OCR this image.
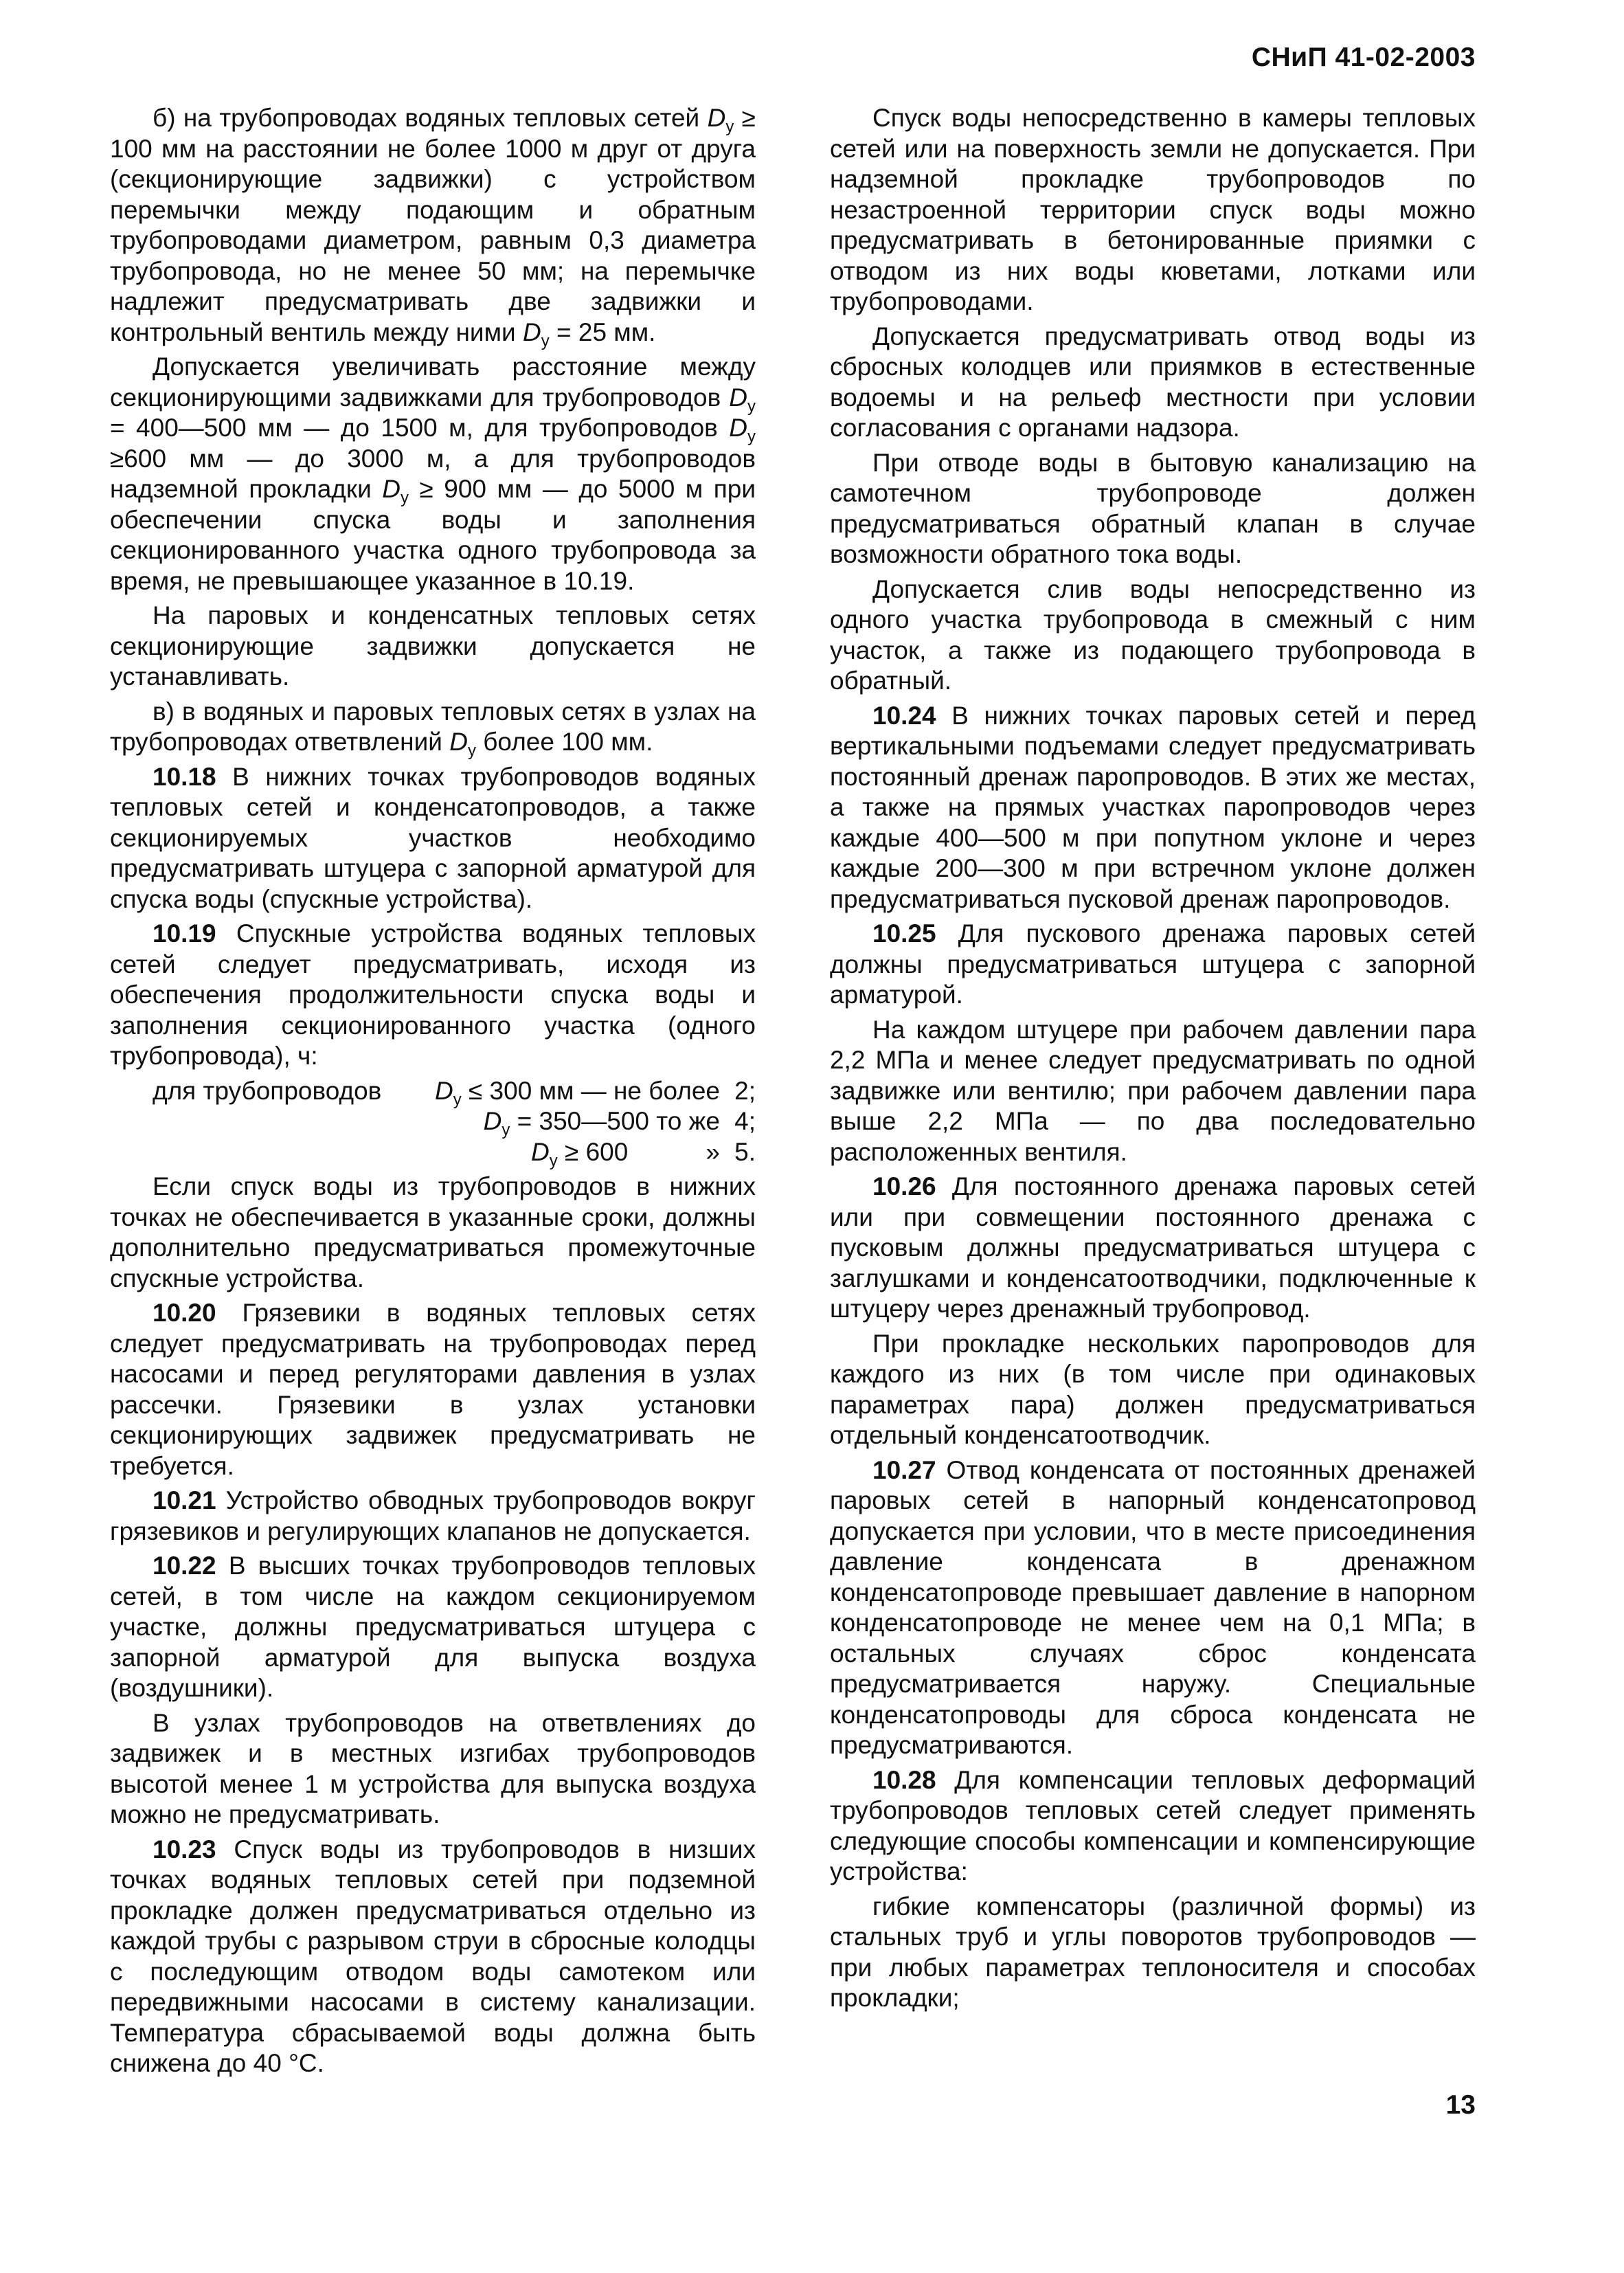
СНиП 41-02-2003

б) на трубопроводах водяных тепловых сетей $D_у \ge 100$ мм на расстоянии не более 1000 м друг от друга (секционирующие задвижки) с устройством перемычки между подающим и обратным трубопроводами диаметром, равным 0,3 диаметра трубопровода, но не менее 50 мм; на перемычке надлежит предусматривать две задвижки и контрольный вентиль между ними $D_у = 25$ мм.

Допускается увеличивать расстояние между секционирующими задвижками для трубопроводов $D_у$ = 400—500 мм — до 1500 м, для трубопроводов $D_у \ge 600$ мм — до 3000 м, а для трубопроводов надземной прокладки $D_у \ge 900$ мм — до 5000 м при обеспечении спуска воды и заполнения секционированного участка одного трубопровода за время, не превышающее указанное в 10.19.

На паровых и конденсатных тепловых сетях секционирующие задвижки допускается не устанавливать.

в) в водяных и паровых тепловых сетях в узлах на трубопроводах ответвлений $D_у$ более 100 мм.

10.18 В нижних точках трубопроводов водяных тепловых сетей и конденсатопроводов, а также секционируемых участков необходимо предусматривать штуцера с запорной арматурой для спуска воды (спускные устройства).

10.19 Спускные устройства водяных тепловых сетей следует предусматривать, исходя из обеспечения продолжительности спуска воды и заполнения секционированного участка (одного трубопровода), ч:

для трубопроводов	$D_у \le 300$ мм — не более 2;
$D_у$ = 350—500 то же 4;
$D_у \ge 600$           » 5.

Если спуск воды из трубопроводов в нижних точках не обеспечивается в указанные сроки, должны дополнительно предусматриваться промежуточные спускные устройства.

10.20 Грязевики в водяных тепловых сетях следует предусматривать на трубопроводах перед насосами и перед регуляторами давления в узлах рассечки. Грязевики в узлах установки секционирующих задвижек предусматривать не требуется.

10.21 Устройство обводных трубопроводов вокруг грязевиков и регулирующих клапанов не допускается.

10.22 В высших точках трубопроводов тепловых сетей, в том числе на каждом секционируемом участке, должны предусматриваться штуцера с запорной арматурой для выпуска воздуха (воздушники).

В узлах трубопроводов на ответвлениях до задвижек и в местных изгибах трубопроводов высотой менее 1 м устройства для выпуска воздуха можно не предусматривать.

10.23 Спуск воды из трубопроводов в низших точках водяных тепловых сетей при подземной прокладке должен предусматриваться отдельно из каждой трубы с разрывом струи в сбросные колодцы с последующим отводом воды самотеком или передвижными насосами в систему канализации. Температура сбрасываемой воды должна быть снижена до 40 °С.

Спуск воды непосредственно в камеры тепловых сетей или на поверхность земли не допускается. При надземной прокладке трубопроводов по незастроенной территории спуск воды можно предусматривать в бетонированные приямки с отводом из них воды кюветами, лотками или трубопроводами.

Допускается предусматривать отвод воды из сбросных колодцев или приямков в естественные водоемы и на рельеф местности при условии согласования с органами надзора.

При отводе воды в бытовую канализацию на самотечном трубопроводе должен предусматриваться обратный клапан в случае возможности обратного тока воды.

Допускается слив воды непосредственно из одного участка трубопровода в смежный с ним участок, а также из подающего трубопровода в обратный.

10.24 В нижних точках паровых сетей и перед вертикальными подъемами следует предусматривать постоянный дренаж паропроводов. В этих же местах, а также на прямых участках паропроводов через каждые 400—500 м при попутном уклоне и через каждые 200—300 м при встречном уклоне должен предусматриваться пусковой дренаж паропроводов.

10.25 Для пускового дренажа паровых сетей должны предусматриваться штуцера с запорной арматурой.

На каждом штуцере при рабочем давлении пара 2,2 МПа и менее следует предусматривать по одной задвижке или вентилю; при рабочем давлении пара выше 2,2 МПа — по два последовательно расположенных вентиля.

10.26 Для постоянного дренажа паровых сетей или при совмещении постоянного дренажа с пусковым должны предусматриваться штуцера с заглушками и конденсатоотводчики, подключенные к штуцеру через дренажный трубопровод.

При прокладке нескольких паропроводов для каждого из них (в том числе при одинаковых параметрах пара) должен предусматриваться отдельный конденсатоотводчик.

10.27 Отвод конденсата от постоянных дренажей паровых сетей в напорный конденсатопровод допускается при условии, что в месте присоединения давление конденсата в дренажном конденсатопроводе превышает давление в напорном конденсатопроводе не менее чем на 0,1 МПа; в остальных случаях сброс конденсата предусматривается наружу. Специальные конденсатопроводы для сброса конденсата не предусматриваются.

10.28 Для компенсации тепловых деформаций трубопроводов тепловых сетей следует применять следующие способы компенсации и компенсирующие устройства:

гибкие компенсаторы (различной формы) из стальных труб и углы поворотов трубопроводов — при любых параметрах теплоносителя и способах прокладки;

13
